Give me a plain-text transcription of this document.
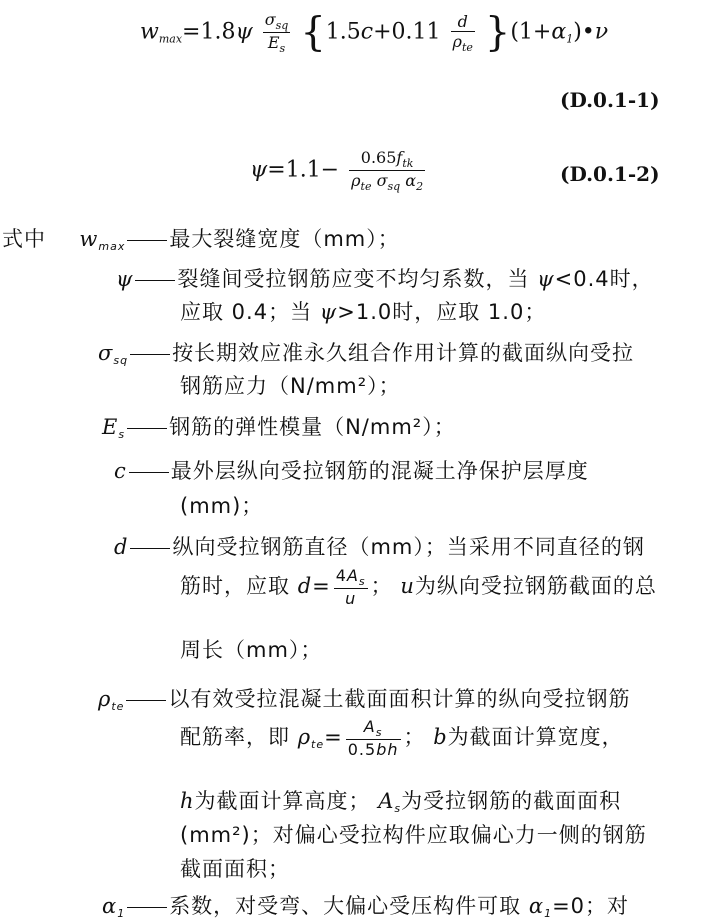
$w_{max}=1.8\psi \frac{\sigma_{sq}}{E_s} \{1.5c+0.11 \frac{d}{\rho_{te}}$ }$(1+\alpha_1)•\nu$
(D.0.1-1)
$\psi=1.1- \frac{0.65f_{tk}}{\rho_{te} \sigma_{sq} \alpha_2}$	(D.0.1-2)
式中 $w_{max}$ 最大裂缝宽度（mm）；
ψ 裂缝间受拉钢筋应变不均匀系数，当 ψ<0.4时，
应取 0.4；当 ψ>1.0时，应取 1.0；
$\sigma_{sq}$ 按长期效应准永久组合作用计算的截面纵向受拉
钢筋应力（N/mm²）；
$E_s$ 钢筋的弹性模量（N/mm²）；
c 最外层纵向受拉钢筋的混凝土净保护层厚度
(mm)；
d 纵向受拉钢筋直径（mm）；当采用不同直径的钢
筋时，应取 $d= \frac{4A_s}{u}$ ； u为纵向受拉钢筋截面的总
周长（mm）；
$\rho_{te}$ 以有效受拉混凝土截面面积计算的纵向受拉钢筋
配筋率，即 $\rho_{te}= \frac{A_s}{0.5bh}$ ； b为截面计算宽度，
h为截面计算高度； $A_s$为受拉钢筋的截面面积
(mm²)；对偏心受拉构件应取偏心力一侧的钢筋
截面面积；
$\alpha_1$ 系数，对受弯、大偏心受压构件可取 $\alpha_1=0$；对
